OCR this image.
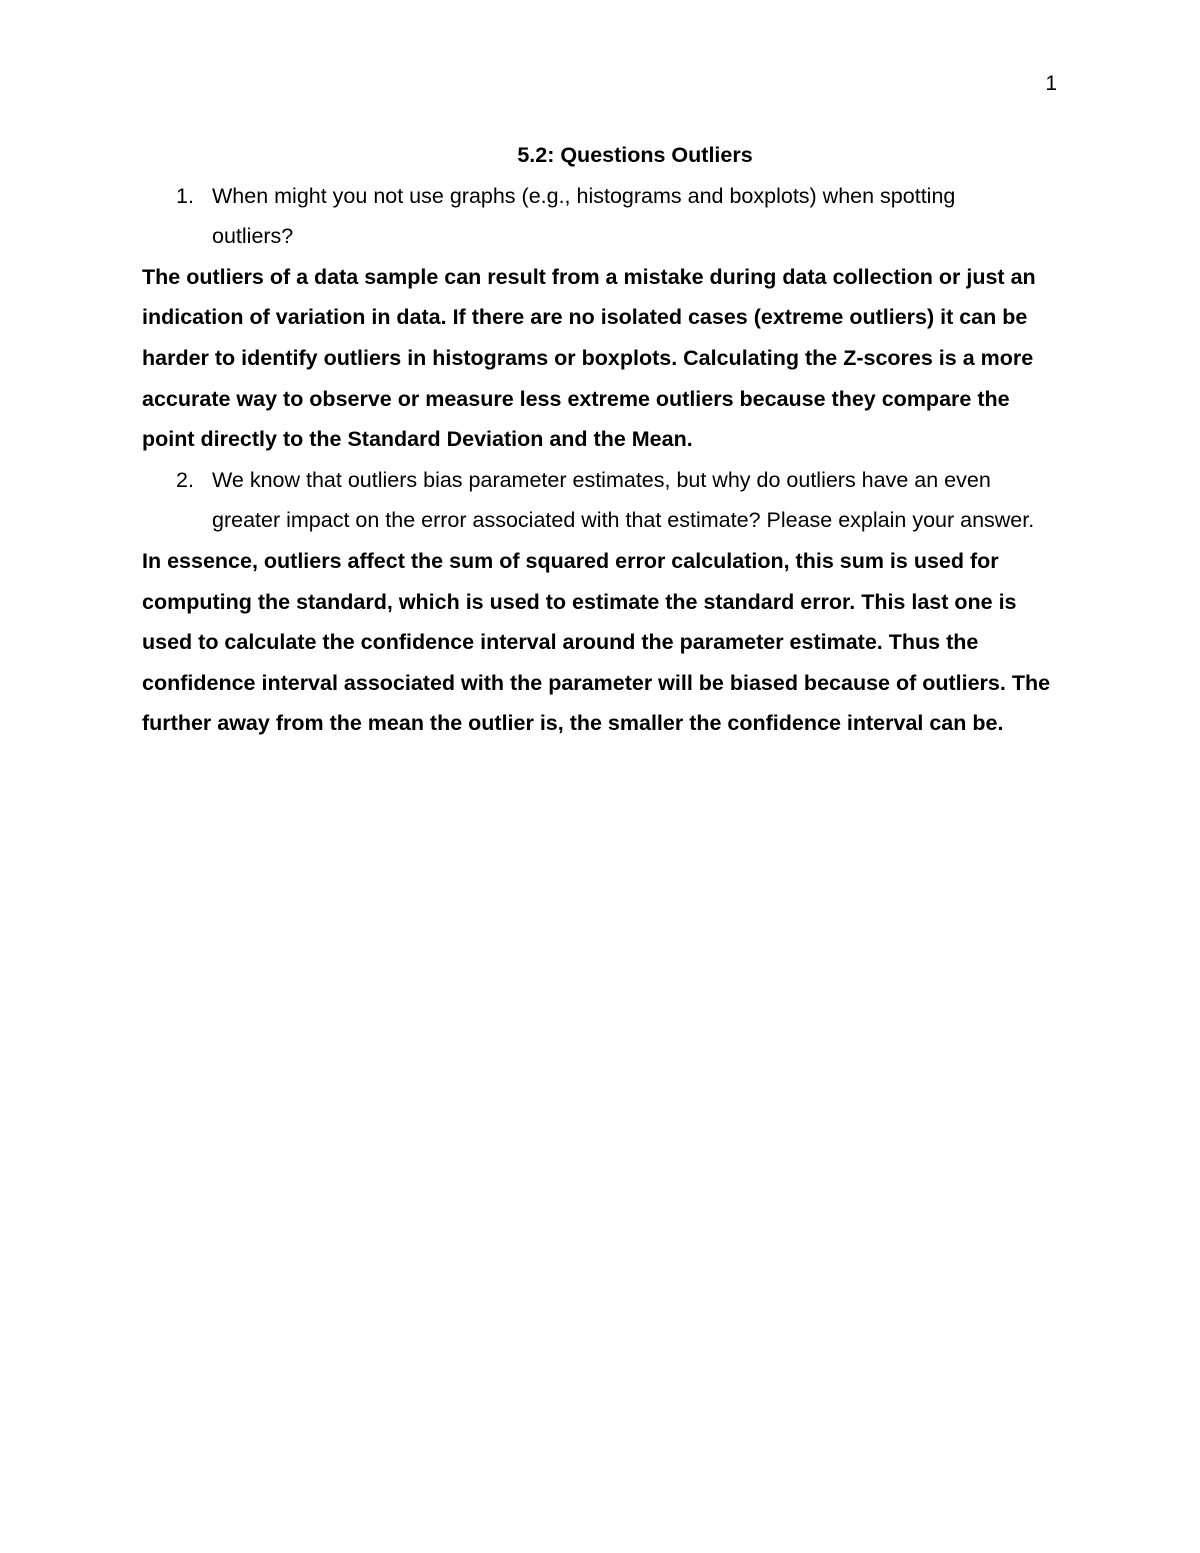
1

5.2: Questions Outliers

1. When might you not use graphs (e.g., histograms and boxplots) when spotting outliers?

The outliers of a data sample can result from a mistake during data collection or just an indication of variation in data. If there are no isolated cases (extreme outliers) it can be harder to identify outliers in histograms or boxplots. Calculating the Z-scores is a more accurate way to observe or measure less extreme outliers because they compare the point directly to the Standard Deviation and the Mean.

2. We know that outliers bias parameter estimates, but why do outliers have an even greater impact on the error associated with that estimate? Please explain your answer.

In essence, outliers affect the sum of squared error calculation, this sum is used for computing the standard, which is used to estimate the standard error. This last one is used to calculate the confidence interval around the parameter estimate. Thus the confidence interval associated with the parameter will be biased because of outliers. The further away from the mean the outlier is, the smaller the confidence interval can be.
